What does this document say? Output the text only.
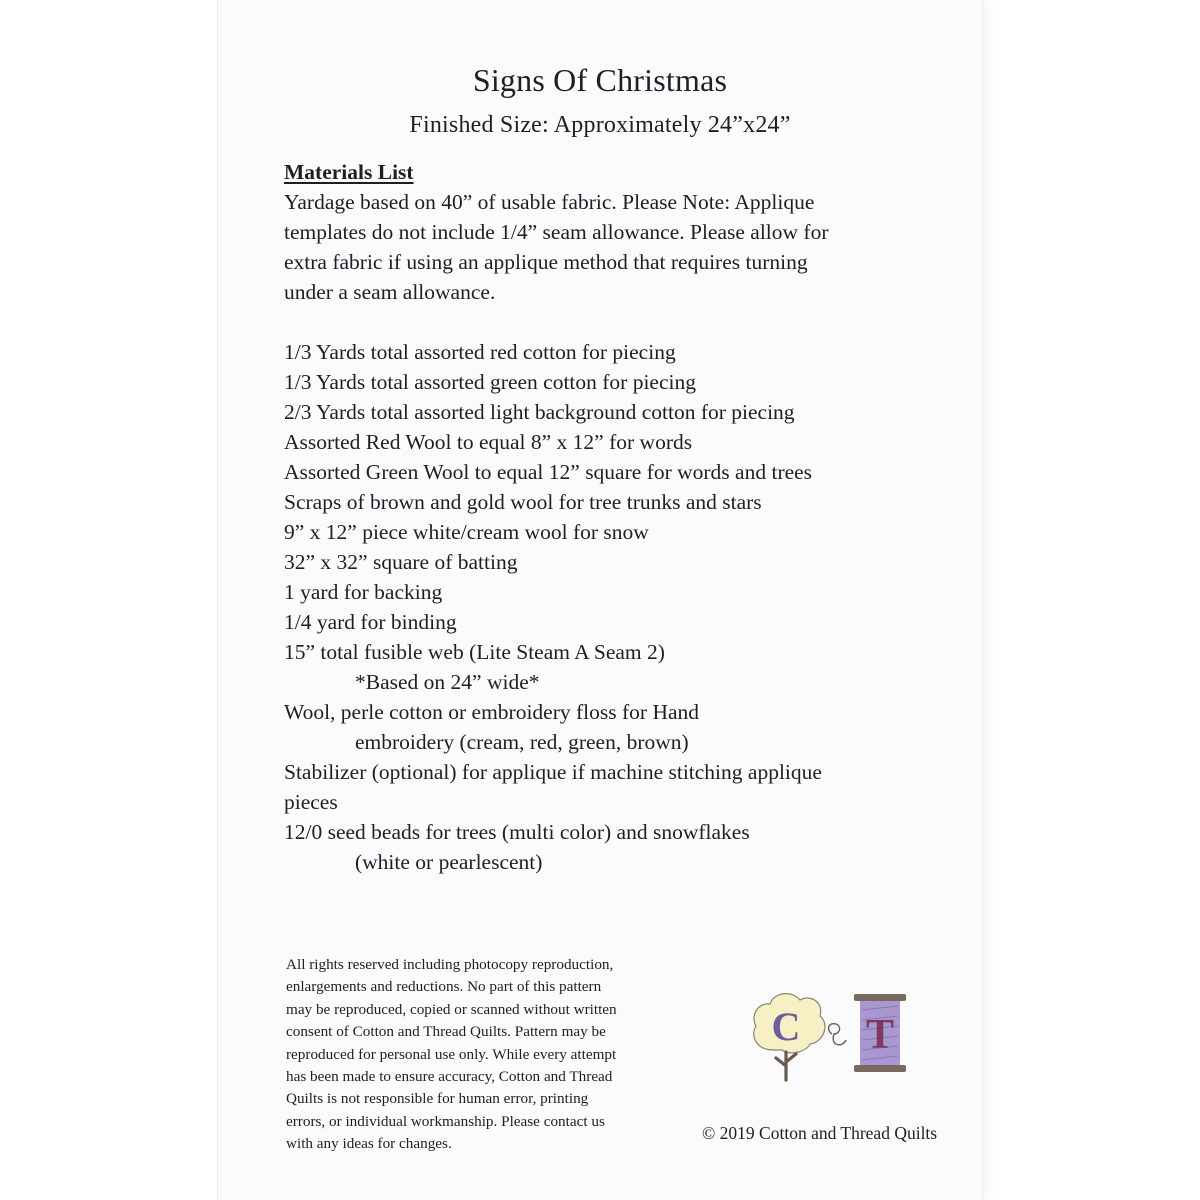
Signs Of Christmas
Finished Size: Approximately 24”x24”
Materials List
Yardage based on 40” of usable fabric. Please Note: Applique
templates do not include 1/4” seam allowance. Please allow for
extra fabric if using an applique method that requires turning
under a seam allowance.
1/3 Yards total assorted red cotton for piecing
1/3 Yards total assorted green cotton for piecing
2/3 Yards total assorted light background cotton for piecing
Assorted Red Wool to equal 8” x 12” for words
Assorted Green Wool to equal 12” square for words and trees
Scraps of brown and gold wool for tree trunks and stars
9” x 12” piece white/cream wool for snow
32” x 32” square of batting
1 yard for backing
1/4 yard for binding
15” total fusible web (Lite Steam A Seam 2)
*Based on 24” wide*
Wool, perle cotton or embroidery floss for Hand
embroidery (cream, red, green, brown)
Stabilizer (optional) for applique if machine stitching applique
pieces
12/0 seed beads for trees (multi color) and snowflakes
(white or pearlescent)
All rights reserved including photocopy reproduction,
enlargements and reductions. No part of this pattern
may be reproduced, copied or scanned without written
consent of Cotton and Thread Quilts. Pattern may be
reproduced for personal use only. While every attempt
has been made to ensure accuracy, Cotton and Thread
Quilts is not responsible for human error, printing
errors, or individual workmanship. Please contact us
with any ideas for changes.
C T
© 2019 Cotton and Thread Quilts
